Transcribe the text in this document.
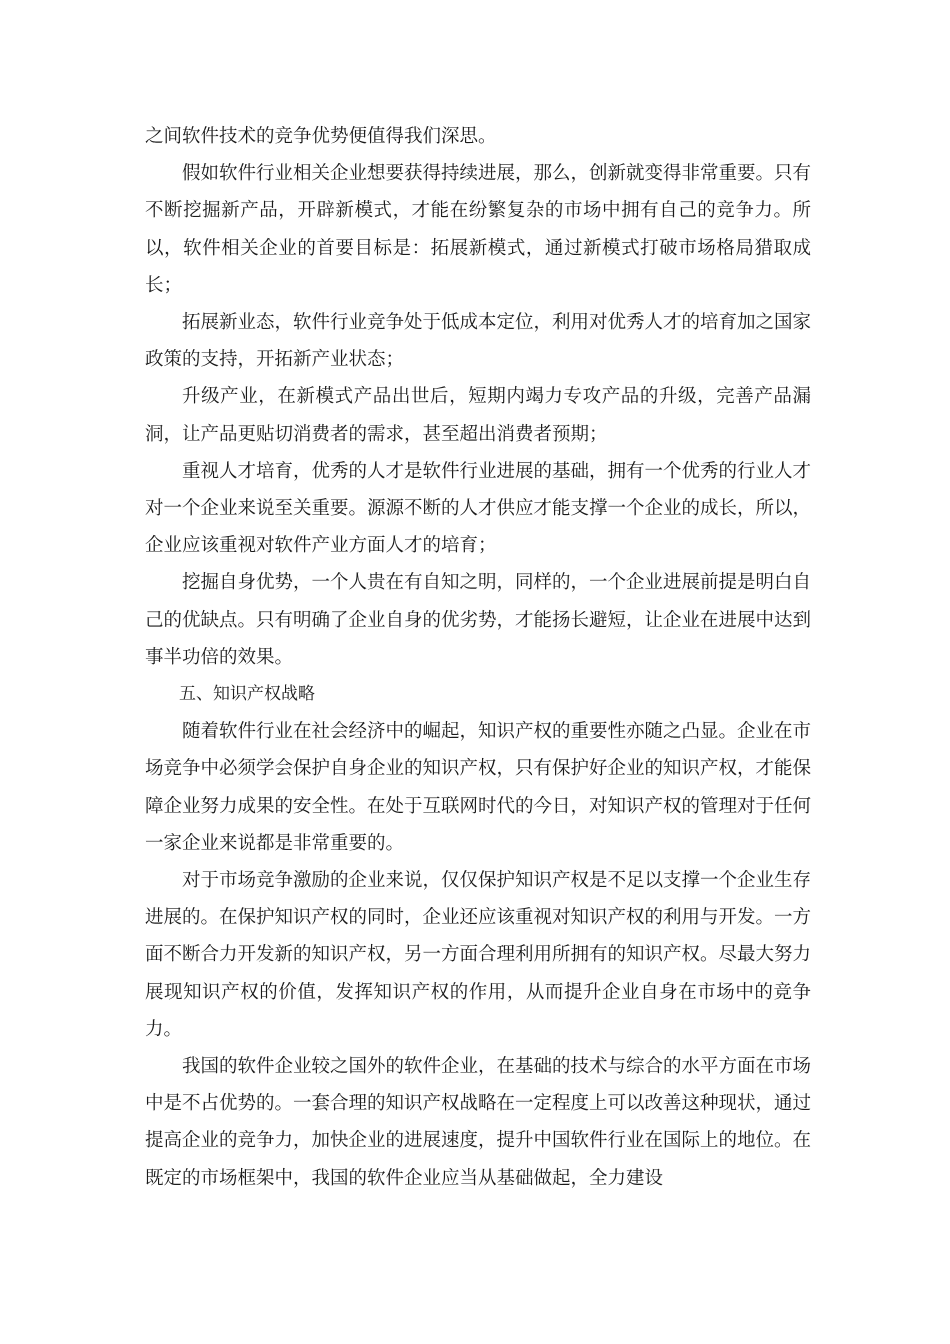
之间软件技术的竞争优势便值得我们深思。

假如软件行业相关企业想要获得持续进展，那么，创新就变得非常重要。只有不断挖掘新产品，开辟新模式，才能在纷繁复杂的市场中拥有自己的竞争力。所以，软件相关企业的首要目标是：拓展新模式，通过新模式打破市场格局猎取成长；

拓展新业态，软件行业竞争处于低成本定位，利用对优秀人才的培育加之国家政策的支持，开拓新产业状态；

升级产业，在新模式产品出世后，短期内竭力专攻产品的升级，完善产品漏洞，让产品更贴切消费者的需求，甚至超出消费者预期；

重视人才培育，优秀的人才是软件行业进展的基础，拥有一个优秀的行业人才对一个企业来说至关重要。源源不断的人才供应才能支撑一个企业的成长，所以，企业应该重视对软件产业方面人才的培育；

挖掘自身优势，一个人贵在有自知之明，同样的，一个企业进展前提是明白自己的优缺点。只有明确了企业自身的优劣势，才能扬长避短，让企业在进展中达到事半功倍的效果。

五、知识产权战略

随着软件行业在社会经济中的崛起，知识产权的重要性亦随之凸显。企业在市场竞争中必须学会保护自身企业的知识产权，只有保护好企业的知识产权，才能保障企业努力成果的安全性。在处于互联网时代的今日，对知识产权的管理对于任何一家企业来说都是非常重要的。

对于市场竞争激励的企业来说，仅仅保护知识产权是不足以支撑一个企业生存进展的。在保护知识产权的同时，企业还应该重视对知识产权的利用与开发。一方面不断合力开发新的知识产权，另一方面合理利用所拥有的知识产权。尽最大努力展现知识产权的价值，发挥知识产权的作用，从而提升企业自身在市场中的竞争力。

我国的软件企业较之国外的软件企业，在基础的技术与综合的水平方面在市场中是不占优势的。一套合理的知识产权战略在一定程度上可以改善这种现状，通过提高企业的竞争力，加快企业的进展速度，提升中国软件行业在国际上的地位。在既定的市场框架中，我国的软件企业应当从基础做起，全力建设
